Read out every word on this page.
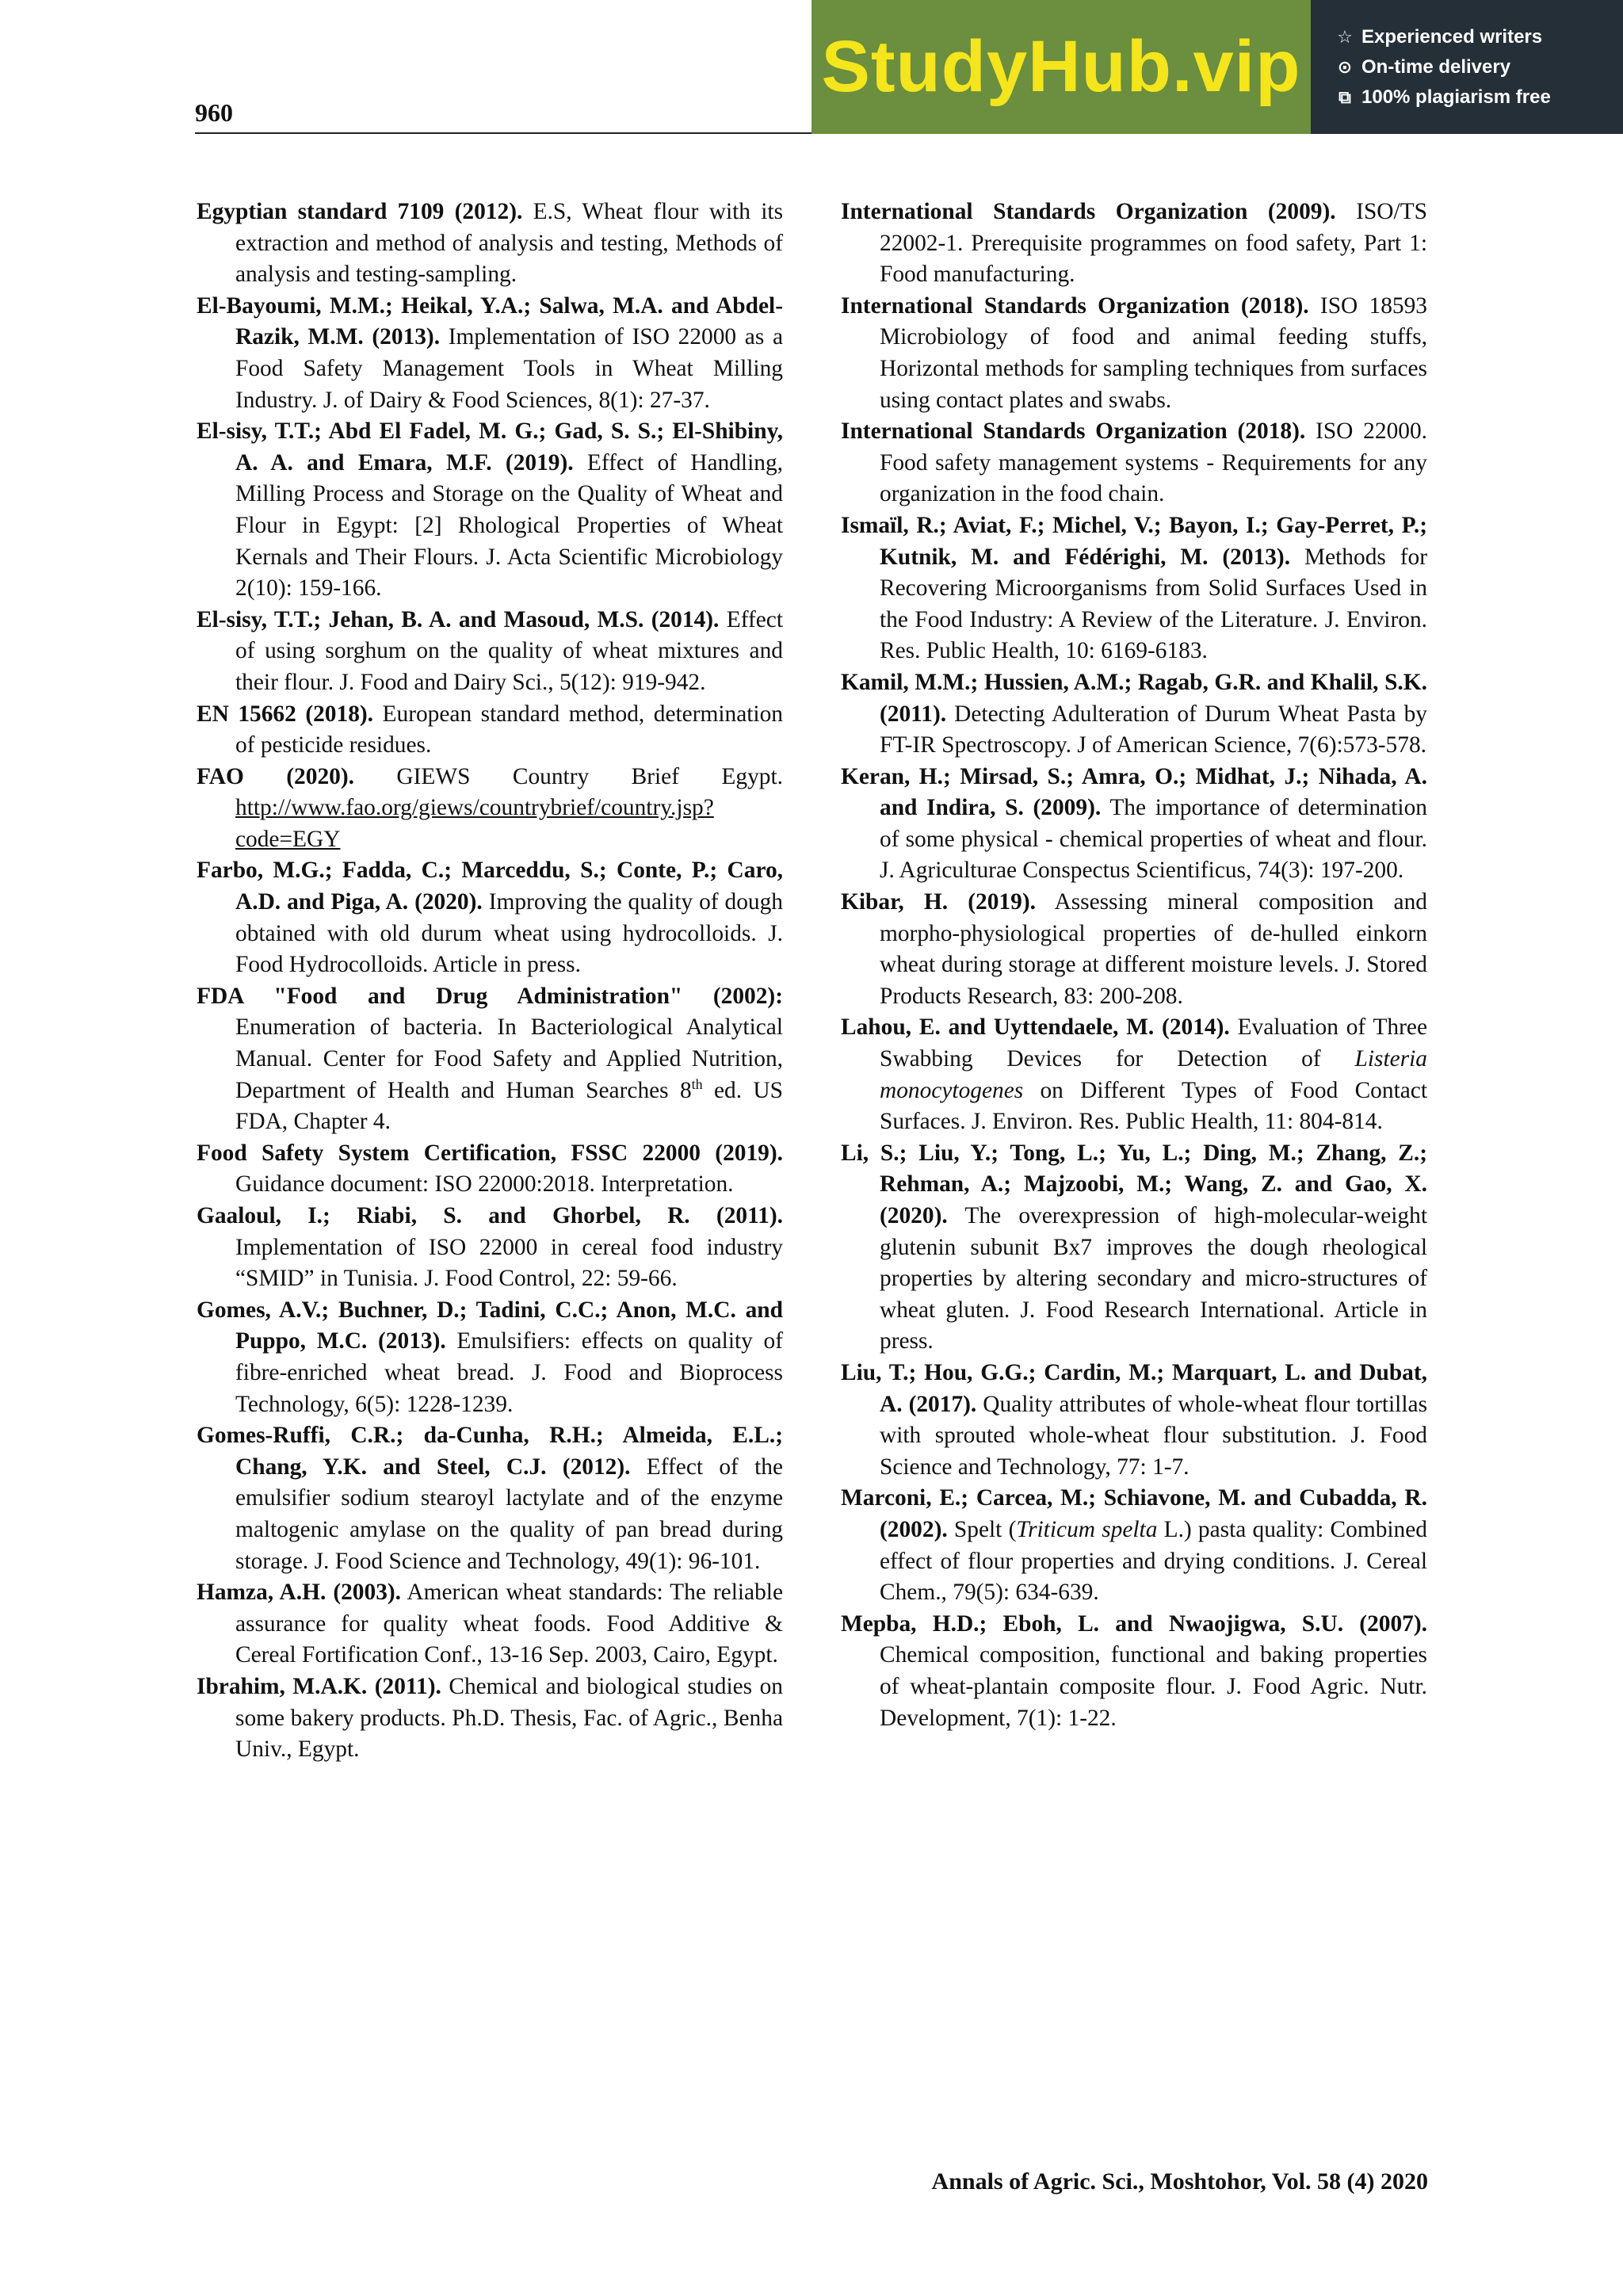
960
StudyHub.vip ☆ Experienced writers
⊙ On-time delivery
⧉ 100% plagiarism free

Egyptian standard 7109 (2012). E.S, Wheat flour with its extraction and method of analysis and testing, Methods of analysis and testing-sampling.

El-Bayoumi, M.M.; Heikal, Y.A.; Salwa, M.A. and Abdel- Razik, M.M. (2013). Implementation of ISO 22000 as a Food Safety Management Tools in Wheat Milling Industry. J. of Dairy & Food Sciences, 8(1): 27-37.

El-sisy, T.T.; Abd El Fadel, M. G.; Gad, S. S.; El-Shibiny, A. A. and Emara, M.F. (2019). Effect of Handling, Milling Process and Storage on the Quality of Wheat and Flour in Egypt: [2] Rhological Properties of Wheat Kernals and Their Flours. J. Acta Scientific Microbiology 2(10): 159-166.

El-sisy, T.T.; Jehan, B. A. and Masoud, M.S. (2014). Effect of using sorghum on the quality of wheat mixtures and their flour. J. Food and Dairy Sci., 5(12): 919-942.

EN 15662 (2018). European standard method, determination of pesticide residues.

FAO (2020). GIEWS Country Brief Egypt. http://www.fao.org/giews/countrybrief/country.jsp?code=EGY

Farbo, M.G.; Fadda, C.; Marceddu, S.; Conte, P.; Caro, A.D. and Piga, A. (2020). Improving the quality of dough obtained with old durum wheat using hydrocolloids. J. Food Hydrocolloids. Article in press.

FDA "Food and Drug Administration" (2002): Enumeration of bacteria. In Bacteriological Analytical Manual. Center for Food Safety and Applied Nutrition, Department of Health and Human Searches 8th ed. US FDA, Chapter 4.

Food Safety System Certification, FSSC 22000 (2019). Guidance document: ISO 22000:2018. Interpretation.

Gaaloul, I.; Riabi, S. and Ghorbel, R. (2011). Implementation of ISO 22000 in cereal food industry “SMID” in Tunisia. J. Food Control, 22: 59-66.

Gomes, A.V.; Buchner, D.; Tadini, C.C.; Anon, M.C. and Puppo, M.C. (2013). Emulsifiers: effects on quality of fibre-enriched wheat bread. J. Food and Bioprocess Technology, 6(5): 1228-1239.

Gomes-Ruffi, C.R.; da-Cunha, R.H.; Almeida, E.L.; Chang, Y.K. and Steel, C.J. (2012). Effect of the emulsifier sodium stearoyl lactylate and of the enzyme maltogenic amylase on the quality of pan bread during storage. J. Food Science and Technology, 49(1): 96-101.

Hamza, A.H. (2003). American wheat standards: The reliable assurance for quality wheat foods. Food Additive & Cereal Fortification Conf., 13-16 Sep. 2003, Cairo, Egypt.

Ibrahim, M.A.K. (2011). Chemical and biological studies on some bakery products. Ph.D. Thesis, Fac. of Agric., Benha Univ., Egypt.

International Standards Organization (2009). ISO/TS 22002-1. Prerequisite programmes on food safety, Part 1: Food manufacturing.

International Standards Organization (2018). ISO 18593 Microbiology of food and animal feeding stuffs, Horizontal methods for sampling techniques from surfaces using contact plates and swabs.

International Standards Organization (2018). ISO 22000. Food safety management systems - Requirements for any organization in the food chain.

Ismaïl, R.; Aviat, F.; Michel, V.; Bayon, I.; Gay-Perret, P.; Kutnik, M. and Fédérighi, M. (2013). Methods for Recovering Microorganisms from Solid Surfaces Used in the Food Industry: A Review of the Literature. J. Environ. Res. Public Health, 10: 6169-6183.

Kamil, M.M.; Hussien, A.M.; Ragab, G.R. and Khalil, S.K. (2011). Detecting Adulteration of Durum Wheat Pasta by FT-IR Spectroscopy. J of American Science, 7(6):573-578.

Keran, H.; Mirsad, S.; Amra, O.; Midhat, J.; Nihada, A. and Indira, S. (2009). The importance of determination of some physical - chemical properties of wheat and flour. J. Agriculturae Conspectus Scientificus, 74(3): 197-200.

Kibar, H. (2019). Assessing mineral composition and morpho-physiological properties of de-hulled einkorn wheat during storage at different moisture levels. J. Stored Products Research, 83: 200-208.

Lahou, E. and Uyttendaele, M. (2014). Evaluation of Three Swabbing Devices for Detection of Listeria monocytogenes on Different Types of Food Contact Surfaces. J. Environ. Res. Public Health, 11: 804-814.

Li, S.; Liu, Y.; Tong, L.; Yu, L.; Ding, M.; Zhang, Z.; Rehman, A.; Majzoobi, M.; Wang, Z. and Gao, X. (2020). The overexpression of high-molecular-weight glutenin subunit Bx7 improves the dough rheological properties by altering secondary and micro-structures of wheat gluten. J. Food Research International. Article in press.

Liu, T.; Hou, G.G.; Cardin, M.; Marquart, L. and Dubat, A. (2017). Quality attributes of whole-wheat flour tortillas with sprouted whole-wheat flour substitution. J. Food Science and Technology, 77: 1-7.

Marconi, E.; Carcea, M.; Schiavone, M. and Cubadda, R. (2002). Spelt (Triticum spelta L.) pasta quality: Combined effect of flour properties and drying conditions. J. Cereal Chem., 79(5): 634-639.

Mepba, H.D.; Eboh, L. and Nwaojigwa, S.U. (2007). Chemical composition, functional and baking properties of wheat-plantain composite flour. J. Food Agric. Nutr. Development, 7(1): 1-22.

Annals of Agric. Sci., Moshtohor, Vol. 58 (4) 2020
